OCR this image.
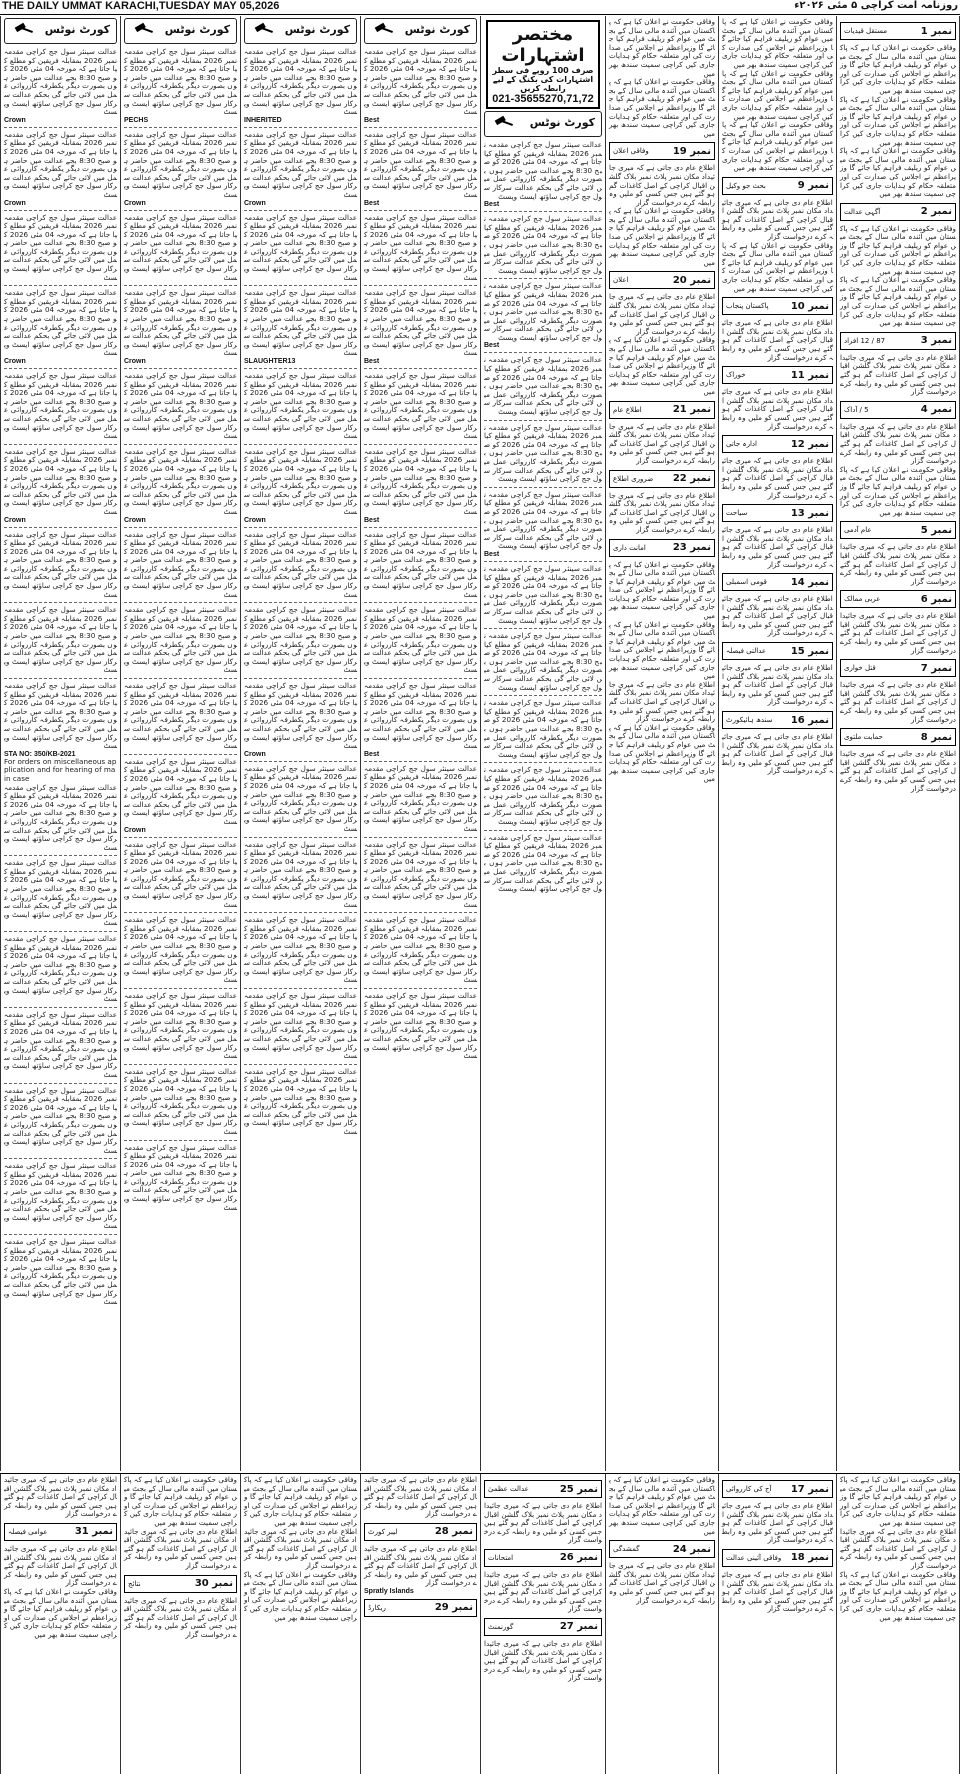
THE DAILY UMMAT KARACHI,TUESDAY MAY 05,2026	روزنامہ امت کراچی ۵ مئی ۲۰۲۶ء
کورٹ نوٹس
عدالت سینئر سول جج کراچی مقدمہ نمبر 2026 بمقابلہ فریقین کو مطلع کیا جاتا ہے کہ مورخہ 04 مئی 2026 کو صبح 8:30 بجے عدالت میں حاضر ہوں بصورت دیگر یکطرفہ کارروائی عمل میں لائی جائے گی بحکم عدالت سرکار سول جج کراچی ساؤتھ ایسٹ ویسٹ
Crown
عدالت سینئر سول جج کراچی مقدمہ نمبر 2026 بمقابلہ فریقین کو مطلع کیا جاتا ہے کہ مورخہ 04 مئی 2026 کو صبح 8:30 بجے عدالت میں حاضر ہوں بصورت دیگر یکطرفہ کارروائی عمل میں لائی جائے گی بحکم عدالت سرکار سول جج کراچی ساؤتھ ایسٹ ویسٹ
Crown
عدالت سینئر سول جج کراچی مقدمہ نمبر 2026 بمقابلہ فریقین کو مطلع کیا جاتا ہے کہ مورخہ 04 مئی 2026 کو صبح 8:30 بجے عدالت میں حاضر ہوں بصورت دیگر یکطرفہ کارروائی عمل میں لائی جائے گی بحکم عدالت سرکار سول جج کراچی ساؤتھ ایسٹ ویسٹ
عدالت سینئر سول جج کراچی مقدمہ نمبر 2026 بمقابلہ فریقین کو مطلع کیا جاتا ہے کہ مورخہ 04 مئی 2026 کو صبح 8:30 بجے عدالت میں حاضر ہوں بصورت دیگر یکطرفہ کارروائی عمل میں لائی جائے گی بحکم عدالت سرکار سول جج کراچی ساؤتھ ایسٹ ویسٹ
Crown
عدالت سینئر سول جج کراچی مقدمہ نمبر 2026 بمقابلہ فریقین کو مطلع کیا جاتا ہے کہ مورخہ 04 مئی 2026 کو صبح 8:30 بجے عدالت میں حاضر ہوں بصورت دیگر یکطرفہ کارروائی عمل میں لائی جائے گی بحکم عدالت سرکار سول جج کراچی ساؤتھ ایسٹ ویسٹ
عدالت سینئر سول جج کراچی مقدمہ نمبر 2026 بمقابلہ فریقین کو مطلع کیا جاتا ہے کہ مورخہ 04 مئی 2026 کو صبح 8:30 بجے عدالت میں حاضر ہوں بصورت دیگر یکطرفہ کارروائی عمل میں لائی جائے گی بحکم عدالت سرکار سول جج کراچی ساؤتھ ایسٹ ویسٹ
Crown
عدالت سینئر سول جج کراچی مقدمہ نمبر 2026 بمقابلہ فریقین کو مطلع کیا جاتا ہے کہ مورخہ 04 مئی 2026 کو صبح 8:30 بجے عدالت میں حاضر ہوں بصورت دیگر یکطرفہ کارروائی عمل میں لائی جائے گی بحکم عدالت سرکار سول جج کراچی ساؤتھ ایسٹ ویسٹ
عدالت سینئر سول جج کراچی مقدمہ نمبر 2026 بمقابلہ فریقین کو مطلع کیا جاتا ہے کہ مورخہ 04 مئی 2026 کو صبح 8:30 بجے عدالت میں حاضر ہوں بصورت دیگر یکطرفہ کارروائی عمل میں لائی جائے گی بحکم عدالت سرکار سول جج کراچی ساؤتھ ایسٹ ویسٹ
عدالت سینئر سول جج کراچی مقدمہ نمبر 2026 بمقابلہ فریقین کو مطلع کیا جاتا ہے کہ مورخہ 04 مئی 2026 کو صبح 8:30 بجے عدالت میں حاضر ہوں بصورت دیگر یکطرفہ کارروائی عمل میں لائی جائے گی بحکم عدالت سرکار سول جج کراچی ساؤتھ ایسٹ ویسٹ
STA NO: 350/KB-2021
For orders on miscellaneous application and for hearing of main case
عدالت سینئر سول جج کراچی مقدمہ نمبر 2026 بمقابلہ فریقین کو مطلع کیا جاتا ہے کہ مورخہ 04 مئی 2026 کو صبح 8:30 بجے عدالت میں حاضر ہوں بصورت دیگر یکطرفہ کارروائی عمل میں لائی جائے گی بحکم عدالت سرکار سول جج کراچی ساؤتھ ایسٹ ویسٹ
عدالت سینئر سول جج کراچی مقدمہ نمبر 2026 بمقابلہ فریقین کو مطلع کیا جاتا ہے کہ مورخہ 04 مئی 2026 کو صبح 8:30 بجے عدالت میں حاضر ہوں بصورت دیگر یکطرفہ کارروائی عمل میں لائی جائے گی بحکم عدالت سرکار سول جج کراچی ساؤتھ ایسٹ ویسٹ
عدالت سینئر سول جج کراچی مقدمہ نمبر 2026 بمقابلہ فریقین کو مطلع کیا جاتا ہے کہ مورخہ 04 مئی 2026 کو صبح 8:30 بجے عدالت میں حاضر ہوں بصورت دیگر یکطرفہ کارروائی عمل میں لائی جائے گی بحکم عدالت سرکار سول جج کراچی ساؤتھ ایسٹ ویسٹ
عدالت سینئر سول جج کراچی مقدمہ نمبر 2026 بمقابلہ فریقین کو مطلع کیا جاتا ہے کہ مورخہ 04 مئی 2026 کو صبح 8:30 بجے عدالت میں حاضر ہوں بصورت دیگر یکطرفہ کارروائی عمل میں لائی جائے گی بحکم عدالت سرکار سول جج کراچی ساؤتھ ایسٹ ویسٹ
عدالت سینئر سول جج کراچی مقدمہ نمبر 2026 بمقابلہ فریقین کو مطلع کیا جاتا ہے کہ مورخہ 04 مئی 2026 کو صبح 8:30 بجے عدالت میں حاضر ہوں بصورت دیگر یکطرفہ کارروائی عمل میں لائی جائے گی بحکم عدالت سرکار سول جج کراچی ساؤتھ ایسٹ ویسٹ
عدالت سینئر سول جج کراچی مقدمہ نمبر 2026 بمقابلہ فریقین کو مطلع کیا جاتا ہے کہ مورخہ 04 مئی 2026 کو صبح 8:30 بجے عدالت میں حاضر ہوں بصورت دیگر یکطرفہ کارروائی عمل میں لائی جائے گی بحکم عدالت سرکار سول جج کراچی ساؤتھ ایسٹ ویسٹ
عدالت سینئر سول جج کراچی مقدمہ نمبر 2026 بمقابلہ فریقین کو مطلع کیا جاتا ہے کہ مورخہ 04 مئی 2026 کو صبح 8:30 بجے عدالت میں حاضر ہوں بصورت دیگر یکطرفہ کارروائی عمل میں لائی جائے گی بحکم عدالت سرکار سول جج کراچی ساؤتھ ایسٹ ویسٹ
کورٹ نوٹس
عدالت سینئر سول جج کراچی مقدمہ نمبر 2026 بمقابلہ فریقین کو مطلع کیا جاتا ہے کہ مورخہ 04 مئی 2026 کو صبح 8:30 بجے عدالت میں حاضر ہوں بصورت دیگر یکطرفہ کارروائی عمل میں لائی جائے گی بحکم عدالت سرکار سول جج کراچی ساؤتھ ایسٹ ویسٹ
PECHS
عدالت سینئر سول جج کراچی مقدمہ نمبر 2026 بمقابلہ فریقین کو مطلع کیا جاتا ہے کہ مورخہ 04 مئی 2026 کو صبح 8:30 بجے عدالت میں حاضر ہوں بصورت دیگر یکطرفہ کارروائی عمل میں لائی جائے گی بحکم عدالت سرکار سول جج کراچی ساؤتھ ایسٹ ویسٹ
Crown
عدالت سینئر سول جج کراچی مقدمہ نمبر 2026 بمقابلہ فریقین کو مطلع کیا جاتا ہے کہ مورخہ 04 مئی 2026 کو صبح 8:30 بجے عدالت میں حاضر ہوں بصورت دیگر یکطرفہ کارروائی عمل میں لائی جائے گی بحکم عدالت سرکار سول جج کراچی ساؤتھ ایسٹ ویسٹ
عدالت سینئر سول جج کراچی مقدمہ نمبر 2026 بمقابلہ فریقین کو مطلع کیا جاتا ہے کہ مورخہ 04 مئی 2026 کو صبح 8:30 بجے عدالت میں حاضر ہوں بصورت دیگر یکطرفہ کارروائی عمل میں لائی جائے گی بحکم عدالت سرکار سول جج کراچی ساؤتھ ایسٹ ویسٹ
Crown
عدالت سینئر سول جج کراچی مقدمہ نمبر 2026 بمقابلہ فریقین کو مطلع کیا جاتا ہے کہ مورخہ 04 مئی 2026 کو صبح 8:30 بجے عدالت میں حاضر ہوں بصورت دیگر یکطرفہ کارروائی عمل میں لائی جائے گی بحکم عدالت سرکار سول جج کراچی ساؤتھ ایسٹ ویسٹ
عدالت سینئر سول جج کراچی مقدمہ نمبر 2026 بمقابلہ فریقین کو مطلع کیا جاتا ہے کہ مورخہ 04 مئی 2026 کو صبح 8:30 بجے عدالت میں حاضر ہوں بصورت دیگر یکطرفہ کارروائی عمل میں لائی جائے گی بحکم عدالت سرکار سول جج کراچی ساؤتھ ایسٹ ویسٹ
Crown
عدالت سینئر سول جج کراچی مقدمہ نمبر 2026 بمقابلہ فریقین کو مطلع کیا جاتا ہے کہ مورخہ 04 مئی 2026 کو صبح 8:30 بجے عدالت میں حاضر ہوں بصورت دیگر یکطرفہ کارروائی عمل میں لائی جائے گی بحکم عدالت سرکار سول جج کراچی ساؤتھ ایسٹ ویسٹ
عدالت سینئر سول جج کراچی مقدمہ نمبر 2026 بمقابلہ فریقین کو مطلع کیا جاتا ہے کہ مورخہ 04 مئی 2026 کو صبح 8:30 بجے عدالت میں حاضر ہوں بصورت دیگر یکطرفہ کارروائی عمل میں لائی جائے گی بحکم عدالت سرکار سول جج کراچی ساؤتھ ایسٹ ویسٹ
عدالت سینئر سول جج کراچی مقدمہ نمبر 2026 بمقابلہ فریقین کو مطلع کیا جاتا ہے کہ مورخہ 04 مئی 2026 کو صبح 8:30 بجے عدالت میں حاضر ہوں بصورت دیگر یکطرفہ کارروائی عمل میں لائی جائے گی بحکم عدالت سرکار سول جج کراچی ساؤتھ ایسٹ ویسٹ
عدالت سینئر سول جج کراچی مقدمہ نمبر 2026 بمقابلہ فریقین کو مطلع کیا جاتا ہے کہ مورخہ 04 مئی 2026 کو صبح 8:30 بجے عدالت میں حاضر ہوں بصورت دیگر یکطرفہ کارروائی عمل میں لائی جائے گی بحکم عدالت سرکار سول جج کراچی ساؤتھ ایسٹ ویسٹ
Crown
عدالت سینئر سول جج کراچی مقدمہ نمبر 2026 بمقابلہ فریقین کو مطلع کیا جاتا ہے کہ مورخہ 04 مئی 2026 کو صبح 8:30 بجے عدالت میں حاضر ہوں بصورت دیگر یکطرفہ کارروائی عمل میں لائی جائے گی بحکم عدالت سرکار سول جج کراچی ساؤتھ ایسٹ ویسٹ
عدالت سینئر سول جج کراچی مقدمہ نمبر 2026 بمقابلہ فریقین کو مطلع کیا جاتا ہے کہ مورخہ 04 مئی 2026 کو صبح 8:30 بجے عدالت میں حاضر ہوں بصورت دیگر یکطرفہ کارروائی عمل میں لائی جائے گی بحکم عدالت سرکار سول جج کراچی ساؤتھ ایسٹ ویسٹ
عدالت سینئر سول جج کراچی مقدمہ نمبر 2026 بمقابلہ فریقین کو مطلع کیا جاتا ہے کہ مورخہ 04 مئی 2026 کو صبح 8:30 بجے عدالت میں حاضر ہوں بصورت دیگر یکطرفہ کارروائی عمل میں لائی جائے گی بحکم عدالت سرکار سول جج کراچی ساؤتھ ایسٹ ویسٹ
عدالت سینئر سول جج کراچی مقدمہ نمبر 2026 بمقابلہ فریقین کو مطلع کیا جاتا ہے کہ مورخہ 04 مئی 2026 کو صبح 8:30 بجے عدالت میں حاضر ہوں بصورت دیگر یکطرفہ کارروائی عمل میں لائی جائے گی بحکم عدالت سرکار سول جج کراچی ساؤتھ ایسٹ ویسٹ
عدالت سینئر سول جج کراچی مقدمہ نمبر 2026 بمقابلہ فریقین کو مطلع کیا جاتا ہے کہ مورخہ 04 مئی 2026 کو صبح 8:30 بجے عدالت میں حاضر ہوں بصورت دیگر یکطرفہ کارروائی عمل میں لائی جائے گی بحکم عدالت سرکار سول جج کراچی ساؤتھ ایسٹ ویسٹ
کورٹ نوٹس
عدالت سینئر سول جج کراچی مقدمہ نمبر 2026 بمقابلہ فریقین کو مطلع کیا جاتا ہے کہ مورخہ 04 مئی 2026 کو صبح 8:30 بجے عدالت میں حاضر ہوں بصورت دیگر یکطرفہ کارروائی عمل میں لائی جائے گی بحکم عدالت سرکار سول جج کراچی ساؤتھ ایسٹ ویسٹ
INHERITED
عدالت سینئر سول جج کراچی مقدمہ نمبر 2026 بمقابلہ فریقین کو مطلع کیا جاتا ہے کہ مورخہ 04 مئی 2026 کو صبح 8:30 بجے عدالت میں حاضر ہوں بصورت دیگر یکطرفہ کارروائی عمل میں لائی جائے گی بحکم عدالت سرکار سول جج کراچی ساؤتھ ایسٹ ویسٹ
Crown
عدالت سینئر سول جج کراچی مقدمہ نمبر 2026 بمقابلہ فریقین کو مطلع کیا جاتا ہے کہ مورخہ 04 مئی 2026 کو صبح 8:30 بجے عدالت میں حاضر ہوں بصورت دیگر یکطرفہ کارروائی عمل میں لائی جائے گی بحکم عدالت سرکار سول جج کراچی ساؤتھ ایسٹ ویسٹ
عدالت سینئر سول جج کراچی مقدمہ نمبر 2026 بمقابلہ فریقین کو مطلع کیا جاتا ہے کہ مورخہ 04 مئی 2026 کو صبح 8:30 بجے عدالت میں حاضر ہوں بصورت دیگر یکطرفہ کارروائی عمل میں لائی جائے گی بحکم عدالت سرکار سول جج کراچی ساؤتھ ایسٹ ویسٹ
SLAUGHTER13
عدالت سینئر سول جج کراچی مقدمہ نمبر 2026 بمقابلہ فریقین کو مطلع کیا جاتا ہے کہ مورخہ 04 مئی 2026 کو صبح 8:30 بجے عدالت میں حاضر ہوں بصورت دیگر یکطرفہ کارروائی عمل میں لائی جائے گی بحکم عدالت سرکار سول جج کراچی ساؤتھ ایسٹ ویسٹ
عدالت سینئر سول جج کراچی مقدمہ نمبر 2026 بمقابلہ فریقین کو مطلع کیا جاتا ہے کہ مورخہ 04 مئی 2026 کو صبح 8:30 بجے عدالت میں حاضر ہوں بصورت دیگر یکطرفہ کارروائی عمل میں لائی جائے گی بحکم عدالت سرکار سول جج کراچی ساؤتھ ایسٹ ویسٹ
Crown
عدالت سینئر سول جج کراچی مقدمہ نمبر 2026 بمقابلہ فریقین کو مطلع کیا جاتا ہے کہ مورخہ 04 مئی 2026 کو صبح 8:30 بجے عدالت میں حاضر ہوں بصورت دیگر یکطرفہ کارروائی عمل میں لائی جائے گی بحکم عدالت سرکار سول جج کراچی ساؤتھ ایسٹ ویسٹ
عدالت سینئر سول جج کراچی مقدمہ نمبر 2026 بمقابلہ فریقین کو مطلع کیا جاتا ہے کہ مورخہ 04 مئی 2026 کو صبح 8:30 بجے عدالت میں حاضر ہوں بصورت دیگر یکطرفہ کارروائی عمل میں لائی جائے گی بحکم عدالت سرکار سول جج کراچی ساؤتھ ایسٹ ویسٹ
عدالت سینئر سول جج کراچی مقدمہ نمبر 2026 بمقابلہ فریقین کو مطلع کیا جاتا ہے کہ مورخہ 04 مئی 2026 کو صبح 8:30 بجے عدالت میں حاضر ہوں بصورت دیگر یکطرفہ کارروائی عمل میں لائی جائے گی بحکم عدالت سرکار سول جج کراچی ساؤتھ ایسٹ ویسٹ
Crown
عدالت سینئر سول جج کراچی مقدمہ نمبر 2026 بمقابلہ فریقین کو مطلع کیا جاتا ہے کہ مورخہ 04 مئی 2026 کو صبح 8:30 بجے عدالت میں حاضر ہوں بصورت دیگر یکطرفہ کارروائی عمل میں لائی جائے گی بحکم عدالت سرکار سول جج کراچی ساؤتھ ایسٹ ویسٹ
عدالت سینئر سول جج کراچی مقدمہ نمبر 2026 بمقابلہ فریقین کو مطلع کیا جاتا ہے کہ مورخہ 04 مئی 2026 کو صبح 8:30 بجے عدالت میں حاضر ہوں بصورت دیگر یکطرفہ کارروائی عمل میں لائی جائے گی بحکم عدالت سرکار سول جج کراچی ساؤتھ ایسٹ ویسٹ
عدالت سینئر سول جج کراچی مقدمہ نمبر 2026 بمقابلہ فریقین کو مطلع کیا جاتا ہے کہ مورخہ 04 مئی 2026 کو صبح 8:30 بجے عدالت میں حاضر ہوں بصورت دیگر یکطرفہ کارروائی عمل میں لائی جائے گی بحکم عدالت سرکار سول جج کراچی ساؤتھ ایسٹ ویسٹ
عدالت سینئر سول جج کراچی مقدمہ نمبر 2026 بمقابلہ فریقین کو مطلع کیا جاتا ہے کہ مورخہ 04 مئی 2026 کو صبح 8:30 بجے عدالت میں حاضر ہوں بصورت دیگر یکطرفہ کارروائی عمل میں لائی جائے گی بحکم عدالت سرکار سول جج کراچی ساؤتھ ایسٹ ویسٹ
عدالت سینئر سول جج کراچی مقدمہ نمبر 2026 بمقابلہ فریقین کو مطلع کیا جاتا ہے کہ مورخہ 04 مئی 2026 کو صبح 8:30 بجے عدالت میں حاضر ہوں بصورت دیگر یکطرفہ کارروائی عمل میں لائی جائے گی بحکم عدالت سرکار سول جج کراچی ساؤتھ ایسٹ ویسٹ
کورٹ نوٹس
عدالت سینئر سول جج کراچی مقدمہ نمبر 2026 بمقابلہ فریقین کو مطلع کیا جاتا ہے کہ مورخہ 04 مئی 2026 کو صبح 8:30 بجے عدالت میں حاضر ہوں بصورت دیگر یکطرفہ کارروائی عمل میں لائی جائے گی بحکم عدالت سرکار سول جج کراچی ساؤتھ ایسٹ ویسٹ
Best
عدالت سینئر سول جج کراچی مقدمہ نمبر 2026 بمقابلہ فریقین کو مطلع کیا جاتا ہے کہ مورخہ 04 مئی 2026 کو صبح 8:30 بجے عدالت میں حاضر ہوں بصورت دیگر یکطرفہ کارروائی عمل میں لائی جائے گی بحکم عدالت سرکار سول جج کراچی ساؤتھ ایسٹ ویسٹ
Best
عدالت سینئر سول جج کراچی مقدمہ نمبر 2026 بمقابلہ فریقین کو مطلع کیا جاتا ہے کہ مورخہ 04 مئی 2026 کو صبح 8:30 بجے عدالت میں حاضر ہوں بصورت دیگر یکطرفہ کارروائی عمل میں لائی جائے گی بحکم عدالت سرکار سول جج کراچی ساؤتھ ایسٹ ویسٹ
عدالت سینئر سول جج کراچی مقدمہ نمبر 2026 بمقابلہ فریقین کو مطلع کیا جاتا ہے کہ مورخہ 04 مئی 2026 کو صبح 8:30 بجے عدالت میں حاضر ہوں بصورت دیگر یکطرفہ کارروائی عمل میں لائی جائے گی بحکم عدالت سرکار سول جج کراچی ساؤتھ ایسٹ ویسٹ
Best
عدالت سینئر سول جج کراچی مقدمہ نمبر 2026 بمقابلہ فریقین کو مطلع کیا جاتا ہے کہ مورخہ 04 مئی 2026 کو صبح 8:30 بجے عدالت میں حاضر ہوں بصورت دیگر یکطرفہ کارروائی عمل میں لائی جائے گی بحکم عدالت سرکار سول جج کراچی ساؤتھ ایسٹ ویسٹ
عدالت سینئر سول جج کراچی مقدمہ نمبر 2026 بمقابلہ فریقین کو مطلع کیا جاتا ہے کہ مورخہ 04 مئی 2026 کو صبح 8:30 بجے عدالت میں حاضر ہوں بصورت دیگر یکطرفہ کارروائی عمل میں لائی جائے گی بحکم عدالت سرکار سول جج کراچی ساؤتھ ایسٹ ویسٹ
Best
عدالت سینئر سول جج کراچی مقدمہ نمبر 2026 بمقابلہ فریقین کو مطلع کیا جاتا ہے کہ مورخہ 04 مئی 2026 کو صبح 8:30 بجے عدالت میں حاضر ہوں بصورت دیگر یکطرفہ کارروائی عمل میں لائی جائے گی بحکم عدالت سرکار سول جج کراچی ساؤتھ ایسٹ ویسٹ
عدالت سینئر سول جج کراچی مقدمہ نمبر 2026 بمقابلہ فریقین کو مطلع کیا جاتا ہے کہ مورخہ 04 مئی 2026 کو صبح 8:30 بجے عدالت میں حاضر ہوں بصورت دیگر یکطرفہ کارروائی عمل میں لائی جائے گی بحکم عدالت سرکار سول جج کراچی ساؤتھ ایسٹ ویسٹ
عدالت سینئر سول جج کراچی مقدمہ نمبر 2026 بمقابلہ فریقین کو مطلع کیا جاتا ہے کہ مورخہ 04 مئی 2026 کو صبح 8:30 بجے عدالت میں حاضر ہوں بصورت دیگر یکطرفہ کارروائی عمل میں لائی جائے گی بحکم عدالت سرکار سول جج کراچی ساؤتھ ایسٹ ویسٹ
Best
عدالت سینئر سول جج کراچی مقدمہ نمبر 2026 بمقابلہ فریقین کو مطلع کیا جاتا ہے کہ مورخہ 04 مئی 2026 کو صبح 8:30 بجے عدالت میں حاضر ہوں بصورت دیگر یکطرفہ کارروائی عمل میں لائی جائے گی بحکم عدالت سرکار سول جج کراچی ساؤتھ ایسٹ ویسٹ
عدالت سینئر سول جج کراچی مقدمہ نمبر 2026 بمقابلہ فریقین کو مطلع کیا جاتا ہے کہ مورخہ 04 مئی 2026 کو صبح 8:30 بجے عدالت میں حاضر ہوں بصورت دیگر یکطرفہ کارروائی عمل میں لائی جائے گی بحکم عدالت سرکار سول جج کراچی ساؤتھ ایسٹ ویسٹ
عدالت سینئر سول جج کراچی مقدمہ نمبر 2026 بمقابلہ فریقین کو مطلع کیا جاتا ہے کہ مورخہ 04 مئی 2026 کو صبح 8:30 بجے عدالت میں حاضر ہوں بصورت دیگر یکطرفہ کارروائی عمل میں لائی جائے گی بحکم عدالت سرکار سول جج کراچی ساؤتھ ایسٹ ویسٹ
عدالت سینئر سول جج کراچی مقدمہ نمبر 2026 بمقابلہ فریقین کو مطلع کیا جاتا ہے کہ مورخہ 04 مئی 2026 کو صبح 8:30 بجے عدالت میں حاضر ہوں بصورت دیگر یکطرفہ کارروائی عمل میں لائی جائے گی بحکم عدالت سرکار سول جج کراچی ساؤتھ ایسٹ ویسٹ
مختصر اشتہارات
صرف 100 روپے فی سطر
اشتہارات کی بکنگ کے لیے رابطہ کریں
021-35655270,71,72
کورٹ نوٹس
عدالت سینئر سول جج کراچی مقدمہ نمبر 2026 بمقابلہ فریقین کو مطلع کیا جاتا ہے کہ مورخہ 04 مئی 2026 کو صبح 8:30 بجے عدالت میں حاضر ہوں بصورت دیگر یکطرفہ کارروائی عمل میں لائی جائے گی بحکم عدالت سرکار سول جج کراچی ساؤتھ ایسٹ ویسٹ
Best
عدالت سینئر سول جج کراچی مقدمہ نمبر 2026 بمقابلہ فریقین کو مطلع کیا جاتا ہے کہ مورخہ 04 مئی 2026 کو صبح 8:30 بجے عدالت میں حاضر ہوں بصورت دیگر یکطرفہ کارروائی عمل میں لائی جائے گی بحکم عدالت سرکار سول جج کراچی ساؤتھ ایسٹ ویسٹ
عدالت سینئر سول جج کراچی مقدمہ نمبر 2026 بمقابلہ فریقین کو مطلع کیا جاتا ہے کہ مورخہ 04 مئی 2026 کو صبح 8:30 بجے عدالت میں حاضر ہوں بصورت دیگر یکطرفہ کارروائی عمل میں لائی جائے گی بحکم عدالت سرکار سول جج کراچی ساؤتھ ایسٹ ویسٹ
Best
عدالت سینئر سول جج کراچی مقدمہ نمبر 2026 بمقابلہ فریقین کو مطلع کیا جاتا ہے کہ مورخہ 04 مئی 2026 کو صبح 8:30 بجے عدالت میں حاضر ہوں بصورت دیگر یکطرفہ کارروائی عمل میں لائی جائے گی بحکم عدالت سرکار سول جج کراچی ساؤتھ ایسٹ ویسٹ
عدالت سینئر سول جج کراچی مقدمہ نمبر 2026 بمقابلہ فریقین کو مطلع کیا جاتا ہے کہ مورخہ 04 مئی 2026 کو صبح 8:30 بجے عدالت میں حاضر ہوں بصورت دیگر یکطرفہ کارروائی عمل میں لائی جائے گی بحکم عدالت سرکار سول جج کراچی ساؤتھ ایسٹ ویسٹ
عدالت سینئر سول جج کراچی مقدمہ نمبر 2026 بمقابلہ فریقین کو مطلع کیا جاتا ہے کہ مورخہ 04 مئی 2026 کو صبح 8:30 بجے عدالت میں حاضر ہوں بصورت دیگر یکطرفہ کارروائی عمل میں لائی جائے گی بحکم عدالت سرکار سول جج کراچی ساؤتھ ایسٹ ویسٹ
Best
عدالت سینئر سول جج کراچی مقدمہ نمبر 2026 بمقابلہ فریقین کو مطلع کیا جاتا ہے کہ مورخہ 04 مئی 2026 کو صبح 8:30 بجے عدالت میں حاضر ہوں بصورت دیگر یکطرفہ کارروائی عمل میں لائی جائے گی بحکم عدالت سرکار سول جج کراچی ساؤتھ ایسٹ ویسٹ
عدالت سینئر سول جج کراچی مقدمہ نمبر 2026 بمقابلہ فریقین کو مطلع کیا جاتا ہے کہ مورخہ 04 مئی 2026 کو صبح 8:30 بجے عدالت میں حاضر ہوں بصورت دیگر یکطرفہ کارروائی عمل میں لائی جائے گی بحکم عدالت سرکار سول جج کراچی ساؤتھ ایسٹ ویسٹ
عدالت سینئر سول جج کراچی مقدمہ نمبر 2026 بمقابلہ فریقین کو مطلع کیا جاتا ہے کہ مورخہ 04 مئی 2026 کو صبح 8:30 بجے عدالت میں حاضر ہوں بصورت دیگر یکطرفہ کارروائی عمل میں لائی جائے گی بحکم عدالت سرکار سول جج کراچی ساؤتھ ایسٹ ویسٹ
عدالت سینئر سول جج کراچی مقدمہ نمبر 2026 بمقابلہ فریقین کو مطلع کیا جاتا ہے کہ مورخہ 04 مئی 2026 کو صبح 8:30 بجے عدالت میں حاضر ہوں بصورت دیگر یکطرفہ کارروائی عمل میں لائی جائے گی بحکم عدالت سرکار سول جج کراچی ساؤتھ ایسٹ ویسٹ
عدالت سینئر سول جج کراچی مقدمہ نمبر 2026 بمقابلہ فریقین کو مطلع کیا جاتا ہے کہ مورخہ 04 مئی 2026 کو صبح 8:30 بجے عدالت میں حاضر ہوں بصورت دیگر یکطرفہ کارروائی عمل میں لائی جائے گی بحکم عدالت سرکار سول جج کراچی ساؤتھ ایسٹ ویسٹ
وفاقی حکومت نے اعلان کیا ہے کہ پاکستان میں آئندہ مالی سال کے بجٹ میں عوام کو ریلیف فراہم کیا جائے گا وزیراعظم نے اجلاس کی صدارت کی اور متعلقہ حکام کو ہدایات جاری کیں کراچی سمیت سندھ بھر میں
وفاقی حکومت نے اعلان کیا ہے کہ پاکستان میں آئندہ مالی سال کے بجٹ میں عوام کو ریلیف فراہم کیا جائے گا وزیراعظم نے اجلاس کی صدارت کی اور متعلقہ حکام کو ہدایات جاری کیں کراچی سمیت سندھ بھر میں
وفاقی اعلان نمبر 19
اطلاع عام دی جاتی ہے کہ میری جائیداد مکان نمبر پلاٹ نمبر بلاک گلشن اقبال کراچی کے اصل کاغذات گم ہو گئے ہیں جس کسی کو ملیں وہ رابطہ کرے درخواست گزار
وفاقی حکومت نے اعلان کیا ہے کہ پاکستان میں آئندہ مالی سال کے بجٹ میں عوام کو ریلیف فراہم کیا جائے گا وزیراعظم نے اجلاس کی صدارت کی اور متعلقہ حکام کو ہدایات جاری کیں کراچی سمیت سندھ بھر میں
اعلان	نمبر 20
اطلاع عام دی جاتی ہے کہ میری جائیداد مکان نمبر پلاٹ نمبر بلاک گلشن اقبال کراچی کے اصل کاغذات گم ہو گئے ہیں جس کسی کو ملیں وہ رابطہ کرے درخواست گزار
وفاقی حکومت نے اعلان کیا ہے کہ پاکستان میں آئندہ مالی سال کے بجٹ میں عوام کو ریلیف فراہم کیا جائے گا وزیراعظم نے اجلاس کی صدارت کی اور متعلقہ حکام کو ہدایات جاری کیں کراچی سمیت سندھ بھر میں
اطلاع عام	نمبر 21
اطلاع عام دی جاتی ہے کہ میری جائیداد مکان نمبر پلاٹ نمبر بلاک گلشن اقبال کراچی کے اصل کاغذات گم ہو گئے ہیں جس کسی کو ملیں وہ رابطہ کرے درخواست گزار
ضروری اطلاع نمبر 22
اطلاع عام دی جاتی ہے کہ میری جائیداد مکان نمبر پلاٹ نمبر بلاک گلشن اقبال کراچی کے اصل کاغذات گم ہو گئے ہیں جس کسی کو ملیں وہ رابطہ کرے درخواست گزار
امانت داری	نمبر 23
وفاقی حکومت نے اعلان کیا ہے کہ پاکستان میں آئندہ مالی سال کے بجٹ میں عوام کو ریلیف فراہم کیا جائے گا وزیراعظم نے اجلاس کی صدارت کی اور متعلقہ حکام کو ہدایات جاری کیں کراچی سمیت سندھ بھر میں
وفاقی حکومت نے اعلان کیا ہے کہ پاکستان میں آئندہ مالی سال کے بجٹ میں عوام کو ریلیف فراہم کیا جائے گا وزیراعظم نے اجلاس کی صدارت کی اور متعلقہ حکام کو ہدایات جاری کیں کراچی سمیت سندھ بھر میں
اطلاع عام دی جاتی ہے کہ میری جائیداد مکان نمبر پلاٹ نمبر بلاک گلشن اقبال کراچی کے اصل کاغذات گم ہو گئے ہیں جس کسی کو ملیں وہ رابطہ کرے درخواست گزار
وفاقی حکومت نے اعلان کیا ہے کہ پاکستان میں آئندہ مالی سال کے بجٹ میں عوام کو ریلیف فراہم کیا جائے گا وزیراعظم نے اجلاس کی صدارت کی اور متعلقہ حکام کو ہدایات جاری کیں کراچی سمیت سندھ بھر میں
وفاقی حکومت نے اعلان کیا ہے کہ پاکستان میں آئندہ مالی سال کے بجٹ میں عوام کو ریلیف فراہم کیا جائے گا وزیراعظم نے اجلاس کی صدارت کی اور متعلقہ حکام کو ہدایات جاری کیں کراچی سمیت سندھ بھر میں
وفاقی حکومت نے اعلان کیا ہے کہ پاکستان میں آئندہ مالی سال کے بجٹ میں عوام کو ریلیف فراہم کیا جائے گا وزیراعظم نے اجلاس کی صدارت کی اور متعلقہ حکام کو ہدایات جاری کیں کراچی سمیت سندھ بھر میں
وفاقی حکومت نے اعلان کیا ہے کہ پاکستان میں آئندہ مالی سال کے بجٹ میں عوام کو ریلیف فراہم کیا جائے گا وزیراعظم نے اجلاس کی صدارت کی اور متعلقہ حکام کو ہدایات جاری کیں کراچی سمیت سندھ بھر میں
بحث جو وکیل	نمبر 9
اطلاع عام دی جاتی ہے کہ میری جائیداد مکان نمبر پلاٹ نمبر بلاک گلشن اقبال کراچی کے اصل کاغذات گم ہو گئے ہیں جس کسی کو ملیں وہ رابطہ کرے درخواست گزار
وفاقی حکومت نے اعلان کیا ہے کہ پاکستان میں آئندہ مالی سال کے بجٹ میں عوام کو ریلیف فراہم کیا جائے گا وزیراعظم نے اجلاس کی صدارت کی اور متعلقہ حکام کو ہدایات جاری کیں کراچی سمیت سندھ بھر میں
پاکستان پنجاب نمبر 10
اطلاع عام دی جاتی ہے کہ میری جائیداد مکان نمبر پلاٹ نمبر بلاک گلشن اقبال کراچی کے اصل کاغذات گم ہو گئے ہیں جس کسی کو ملیں وہ رابطہ کرے درخواست گزار
خوراک	نمبر 11
اطلاع عام دی جاتی ہے کہ میری جائیداد مکان نمبر پلاٹ نمبر بلاک گلشن اقبال کراچی کے اصل کاغذات گم ہو گئے ہیں جس کسی کو ملیں وہ رابطہ کرے درخواست گزار
ادارہ جاتی	نمبر 12
اطلاع عام دی جاتی ہے کہ میری جائیداد مکان نمبر پلاٹ نمبر بلاک گلشن اقبال کراچی کے اصل کاغذات گم ہو گئے ہیں جس کسی کو ملیں وہ رابطہ کرے درخواست گزار
سیاحت	نمبر 13
اطلاع عام دی جاتی ہے کہ میری جائیداد مکان نمبر پلاٹ نمبر بلاک گلشن اقبال کراچی کے اصل کاغذات گم ہو گئے ہیں جس کسی کو ملیں وہ رابطہ کرے درخواست گزار
قومی اسمبلی نمبر 14
اطلاع عام دی جاتی ہے کہ میری جائیداد مکان نمبر پلاٹ نمبر بلاک گلشن اقبال کراچی کے اصل کاغذات گم ہو گئے ہیں جس کسی کو ملیں وہ رابطہ کرے درخواست گزار
عدالتی فیصلہ نمبر 15
اطلاع عام دی جاتی ہے کہ میری جائیداد مکان نمبر پلاٹ نمبر بلاک گلشن اقبال کراچی کے اصل کاغذات گم ہو گئے ہیں جس کسی کو ملیں وہ رابطہ کرے درخواست گزار
سندھ ہائیکورٹ نمبر 16
اطلاع عام دی جاتی ہے کہ میری جائیداد مکان نمبر پلاٹ نمبر بلاک گلشن اقبال کراچی کے اصل کاغذات گم ہو گئے ہیں جس کسی کو ملیں وہ رابطہ کرے درخواست گزار
مستقل قیدیات	نمبر 1
وفاقی حکومت نے اعلان کیا ہے کہ پاکستان میں آئندہ مالی سال کے بجٹ میں عوام کو ریلیف فراہم کیا جائے گا وزیراعظم نے اجلاس کی صدارت کی اور متعلقہ حکام کو ہدایات جاری کیں کراچی سمیت سندھ بھر میں
وفاقی حکومت نے اعلان کیا ہے کہ پاکستان میں آئندہ مالی سال کے بجٹ میں عوام کو ریلیف فراہم کیا جائے گا وزیراعظم نے اجلاس کی صدارت کی اور متعلقہ حکام کو ہدایات جاری کیں کراچی سمیت سندھ بھر میں
وفاقی حکومت نے اعلان کیا ہے کہ پاکستان میں آئندہ مالی سال کے بجٹ میں عوام کو ریلیف فراہم کیا جائے گا وزیراعظم نے اجلاس کی صدارت کی اور متعلقہ حکام کو ہدایات جاری کیں کراچی سمیت سندھ بھر میں
آگہی عدالت	نمبر 2
وفاقی حکومت نے اعلان کیا ہے کہ پاکستان میں آئندہ مالی سال کے بجٹ میں عوام کو ریلیف فراہم کیا جائے گا وزیراعظم نے اجلاس کی صدارت کی اور متعلقہ حکام کو ہدایات جاری کیں کراچی سمیت سندھ بھر میں
وفاقی حکومت نے اعلان کیا ہے کہ پاکستان میں آئندہ مالی سال کے بجٹ میں عوام کو ریلیف فراہم کیا جائے گا وزیراعظم نے اجلاس کی صدارت کی اور متعلقہ حکام کو ہدایات جاری کیں کراچی سمیت سندھ بھر میں
87 / 12 افراد	نمبر 3
اطلاع عام دی جاتی ہے کہ میری جائیداد مکان نمبر پلاٹ نمبر بلاک گلشن اقبال کراچی کے اصل کاغذات گم ہو گئے ہیں جس کسی کو ملیں وہ رابطہ کرے درخواست گزار
5 / آداک	نمبر 4
اطلاع عام دی جاتی ہے کہ میری جائیداد مکان نمبر پلاٹ نمبر بلاک گلشن اقبال کراچی کے اصل کاغذات گم ہو گئے ہیں جس کسی کو ملیں وہ رابطہ کرے درخواست گزار
وفاقی حکومت نے اعلان کیا ہے کہ پاکستان میں آئندہ مالی سال کے بجٹ میں عوام کو ریلیف فراہم کیا جائے گا وزیراعظم نے اجلاس کی صدارت کی اور متعلقہ حکام کو ہدایات جاری کیں کراچی سمیت سندھ بھر میں
عام آدمی	نمبر 5
اطلاع عام دی جاتی ہے کہ میری جائیداد مکان نمبر پلاٹ نمبر بلاک گلشن اقبال کراچی کے اصل کاغذات گم ہو گئے ہیں جس کسی کو ملیں وہ رابطہ کرے درخواست گزار
عربی ممالک	نمبر 6
اطلاع عام دی جاتی ہے کہ میری جائیداد مکان نمبر پلاٹ نمبر بلاک گلشن اقبال کراچی کے اصل کاغذات گم ہو گئے ہیں جس کسی کو ملیں وہ رابطہ کرے درخواست گزار
قتل خواری	نمبر 7
اطلاع عام دی جاتی ہے کہ میری جائیداد مکان نمبر پلاٹ نمبر بلاک گلشن اقبال کراچی کے اصل کاغذات گم ہو گئے ہیں جس کسی کو ملیں وہ رابطہ کرے درخواست گزار
حمایت ملتوی	نمبر 8
اطلاع عام دی جاتی ہے کہ میری جائیداد مکان نمبر پلاٹ نمبر بلاک گلشن اقبال کراچی کے اصل کاغذات گم ہو گئے ہیں جس کسی کو ملیں وہ رابطہ کرے درخواست گزار
اطلاع عام دی جاتی ہے کہ میری جائیداد مکان نمبر پلاٹ نمبر بلاک گلشن اقبال کراچی کے اصل کاغذات گم ہو گئے ہیں جس کسی کو ملیں وہ رابطہ کرے درخواست گزار
عوامی فیصلہ	نمبر 31
اطلاع عام دی جاتی ہے کہ میری جائیداد مکان نمبر پلاٹ نمبر بلاک گلشن اقبال کراچی کے اصل کاغذات گم ہو گئے ہیں جس کسی کو ملیں وہ رابطہ کرے درخواست گزار
وفاقی حکومت نے اعلان کیا ہے کہ پاکستان میں آئندہ مالی سال کے بجٹ میں عوام کو ریلیف فراہم کیا جائے گا وزیراعظم نے اجلاس کی صدارت کی اور متعلقہ حکام کو ہدایات جاری کیں کراچی سمیت سندھ بھر میں
وفاقی حکومت نے اعلان کیا ہے کہ پاکستان میں آئندہ مالی سال کے بجٹ میں عوام کو ریلیف فراہم کیا جائے گا وزیراعظم نے اجلاس کی صدارت کی اور متعلقہ حکام کو ہدایات جاری کیں کراچی سمیت سندھ بھر میں
اطلاع عام دی جاتی ہے کہ میری جائیداد مکان نمبر پلاٹ نمبر بلاک گلشن اقبال کراچی کے اصل کاغذات گم ہو گئے ہیں جس کسی کو ملیں وہ رابطہ کرے درخواست گزار
نتائج	نمبر 30
اطلاع عام دی جاتی ہے کہ میری جائیداد مکان نمبر پلاٹ نمبر بلاک گلشن اقبال کراچی کے اصل کاغذات گم ہو گئے ہیں جس کسی کو ملیں وہ رابطہ کرے درخواست گزار
وفاقی حکومت نے اعلان کیا ہے کہ پاکستان میں آئندہ مالی سال کے بجٹ میں عوام کو ریلیف فراہم کیا جائے گا وزیراعظم نے اجلاس کی صدارت کی اور متعلقہ حکام کو ہدایات جاری کیں کراچی سمیت سندھ بھر میں
اطلاع عام دی جاتی ہے کہ میری جائیداد مکان نمبر پلاٹ نمبر بلاک گلشن اقبال کراچی کے اصل کاغذات گم ہو گئے ہیں جس کسی کو ملیں وہ رابطہ کرے درخواست گزار
وفاقی حکومت نے اعلان کیا ہے کہ پاکستان میں آئندہ مالی سال کے بجٹ میں عوام کو ریلیف فراہم کیا جائے گا وزیراعظم نے اجلاس کی صدارت کی اور متعلقہ حکام کو ہدایات جاری کیں کراچی سمیت سندھ بھر میں
اطلاع عام دی جاتی ہے کہ میری جائیداد مکان نمبر پلاٹ نمبر بلاک گلشن اقبال کراچی کے اصل کاغذات گم ہو گئے ہیں جس کسی کو ملیں وہ رابطہ کرے درخواست گزار
لیبر کورٹ	نمبر 28
اطلاع عام دی جاتی ہے کہ میری جائیداد مکان نمبر پلاٹ نمبر بلاک گلشن اقبال کراچی کے اصل کاغذات گم ہو گئے ہیں جس کسی کو ملیں وہ رابطہ کرے درخواست گزار
Spratly Islands
ریکارڈ	نمبر 29
عدالت عظمیٰ	نمبر 25
اطلاع عام دی جاتی ہے کہ میری جائیداد مکان نمبر پلاٹ نمبر بلاک گلشن اقبال کراچی کے اصل کاغذات گم ہو گئے ہیں جس کسی کو ملیں وہ رابطہ کرے درخواست گزار
امتحانات	نمبر 26
اطلاع عام دی جاتی ہے کہ میری جائیداد مکان نمبر پلاٹ نمبر بلاک گلشن اقبال کراچی کے اصل کاغذات گم ہو گئے ہیں جس کسی کو ملیں وہ رابطہ کرے درخواست گزار
گورنمنٹ	نمبر 27
اطلاع عام دی جاتی ہے کہ میری جائیداد مکان نمبر پلاٹ نمبر بلاک گلشن اقبال کراچی کے اصل کاغذات گم ہو گئے ہیں جس کسی کو ملیں وہ رابطہ کرے درخواست گزار
وفاقی حکومت نے اعلان کیا ہے کہ پاکستان میں آئندہ مالی سال کے بجٹ میں عوام کو ریلیف فراہم کیا جائے گا وزیراعظم نے اجلاس کی صدارت کی اور متعلقہ حکام کو ہدایات جاری کیں کراچی سمیت سندھ بھر میں
گمشدگی	نمبر 24
اطلاع عام دی جاتی ہے کہ میری جائیداد مکان نمبر پلاٹ نمبر بلاک گلشن اقبال کراچی کے اصل کاغذات گم ہو گئے ہیں جس کسی کو ملیں وہ رابطہ کرے درخواست گزار
آج کی کارروائی نمبر 17
اطلاع عام دی جاتی ہے کہ میری جائیداد مکان نمبر پلاٹ نمبر بلاک گلشن اقبال کراچی کے اصل کاغذات گم ہو گئے ہیں جس کسی کو ملیں وہ رابطہ کرے درخواست گزار
وفاقی آئینی عدالت نمبر 18
اطلاع عام دی جاتی ہے کہ میری جائیداد مکان نمبر پلاٹ نمبر بلاک گلشن اقبال کراچی کے اصل کاغذات گم ہو گئے ہیں جس کسی کو ملیں وہ رابطہ کرے درخواست گزار
وفاقی حکومت نے اعلان کیا ہے کہ پاکستان میں آئندہ مالی سال کے بجٹ میں عوام کو ریلیف فراہم کیا جائے گا وزیراعظم نے اجلاس کی صدارت کی اور متعلقہ حکام کو ہدایات جاری کیں کراچی سمیت سندھ بھر میں
اطلاع عام دی جاتی ہے کہ میری جائیداد مکان نمبر پلاٹ نمبر بلاک گلشن اقبال کراچی کے اصل کاغذات گم ہو گئے ہیں جس کسی کو ملیں وہ رابطہ کرے درخواست گزار
وفاقی حکومت نے اعلان کیا ہے کہ پاکستان میں آئندہ مالی سال کے بجٹ میں عوام کو ریلیف فراہم کیا جائے گا وزیراعظم نے اجلاس کی صدارت کی اور متعلقہ حکام کو ہدایات جاری کیں کراچی سمیت سندھ بھر میں
